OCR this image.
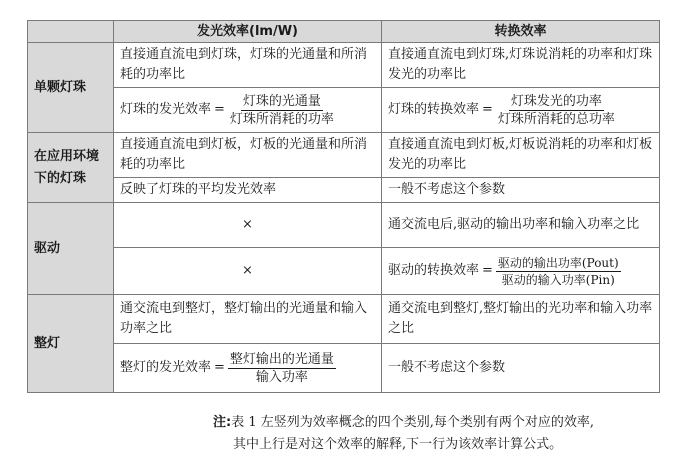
	发光效率(lm/W)	转换效率
单颗灯珠	直接通直流电到灯珠，灯珠的光通量和所消耗的功率比	直接通直流电到灯珠,灯珠说消耗的功率和灯珠发光的功率比

	灯珠的发光效率 = $\frac{\text{灯珠的光通量}}{\text{灯珠所消耗的功率}}$	灯珠的转换效率 = $\frac{\text{灯珠发光的功率}}{\text{灯珠所消耗的总功率}}$

在应用环境下的灯珠	直接通直流电到灯板，灯板的光通量和所消耗的功率比	直接通直流电到灯板,灯板说消耗的功率和灯板发光的功率比
	反映了灯珠的平均发光效率	一般不考虑这个参数
驱动	×	通交流电后,驱动的输出功率和输入功率之比
	×	驱动的转换效率 = $\frac{\text{驱动的输出功率(Pout)}}{\text{驱动的输入功率(Pin)}}$

整灯	通交流电到整灯，整灯输出的光通量和输入功率之比	通交流电到整灯,整灯输出的光功率和输入功率之比

	整灯的发光效率 = $\frac{\text{整灯输出的光通量}}{\text{输入功率}}$	一般不考虑这个参数
注:表 1 左竖列为效率概念的四个类别,每个类别有两个对应的效率,
其中上行是对这个效率的解释,下一行为该效率计算公式。
